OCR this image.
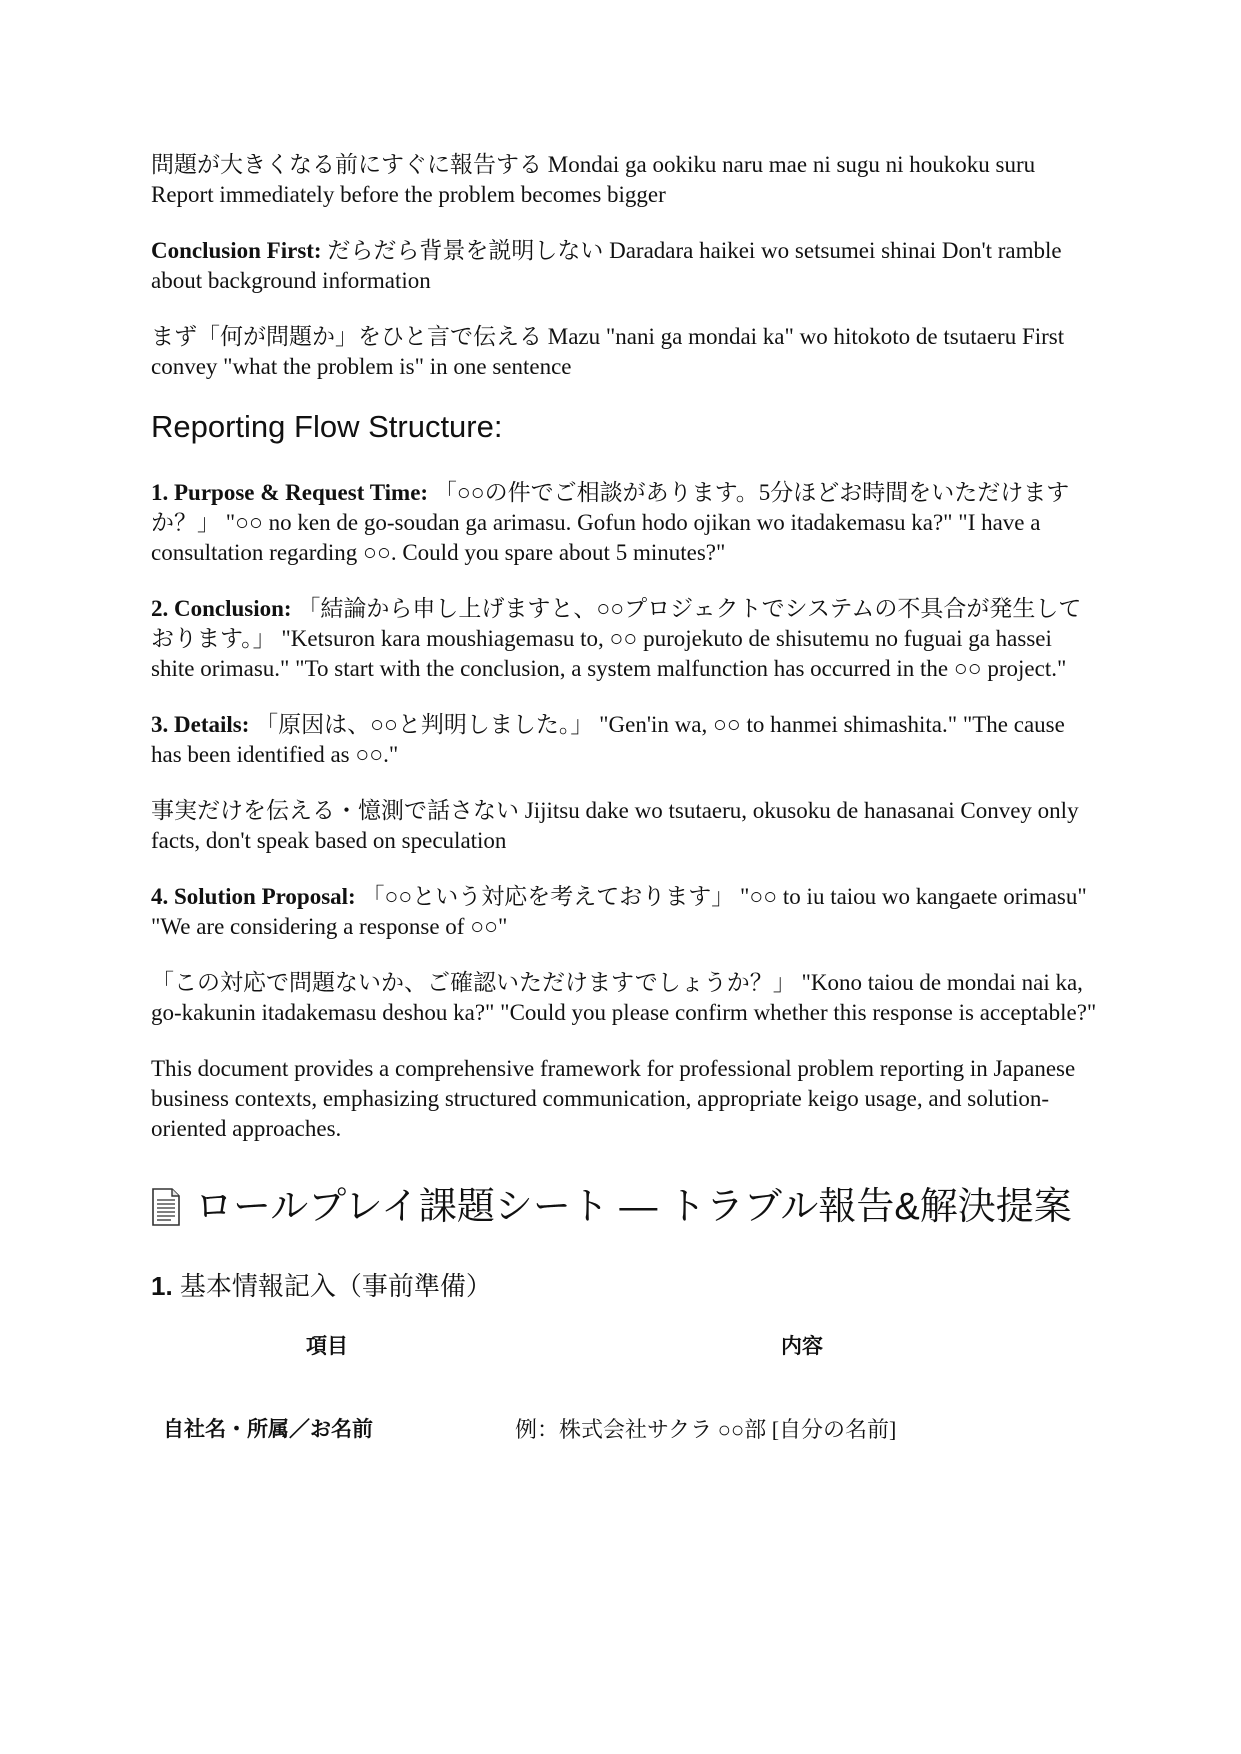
問題が大きくなる前にすぐに報告する Mondai ga ookiku naru mae ni sugu ni houkoku suru Report immediately before the problem becomes bigger

Conclusion First: だらだら背景を説明しない Daradara haikei wo setsumei shinai Don't ramble about background information

まず「何が問題か」をひと言で伝える Mazu "nani ga mondai ka" wo hitokoto de tsutaeru First convey "what the problem is" in one sentence

Reporting Flow Structure:

1. Purpose & Request Time: 「○○の件でご相談があります。5分ほどお時間をいただけますか？」 "○○ no ken de go-soudan ga arimasu. Gofun hodo ojikan wo itadakemasu ka?" "I have a consultation regarding ○○. Could you spare about 5 minutes?"

2. Conclusion: 「結論から申し上げますと、○○プロジェクトでシステムの不具合が発生しております。」 "Ketsuron kara moushiagemasu to, ○○ purojekuto de shisutemu no fuguai ga hassei shite orimasu." "To start with the conclusion, a system malfunction has occurred in the ○○ project."

3. Details: 「原因は、○○と判明しました。」 "Gen'in wa, ○○ to hanmei shimashita." "The cause has been identified as ○○."

事実だけを伝える・憶測で話さない Jijitsu dake wo tsutaeru, okusoku de hanasanai Convey only facts, don't speak based on speculation

4. Solution Proposal: 「○○という対応を考えております」 "○○ to iu taiou wo kangaete orimasu" "We are considering a response of ○○"

「この対応で問題ないか、ご確認いただけますでしょうか？」 "Kono taiou de mondai nai ka, go-kakunin itadakemasu deshou ka?" "Could you please confirm whether this response is acceptable?"

This document provides a comprehensive framework for professional problem reporting in Japanese business contexts, emphasizing structured communication, appropriate keigo usage, and solution-oriented approaches.

ロールプレイ課題シート — トラブル報告&解決提案
1. 基本情報記入（事前準備）
項目	内容
自社名・所属／お名前	例：株式会社サクラ ○○部 [自分の名前]
